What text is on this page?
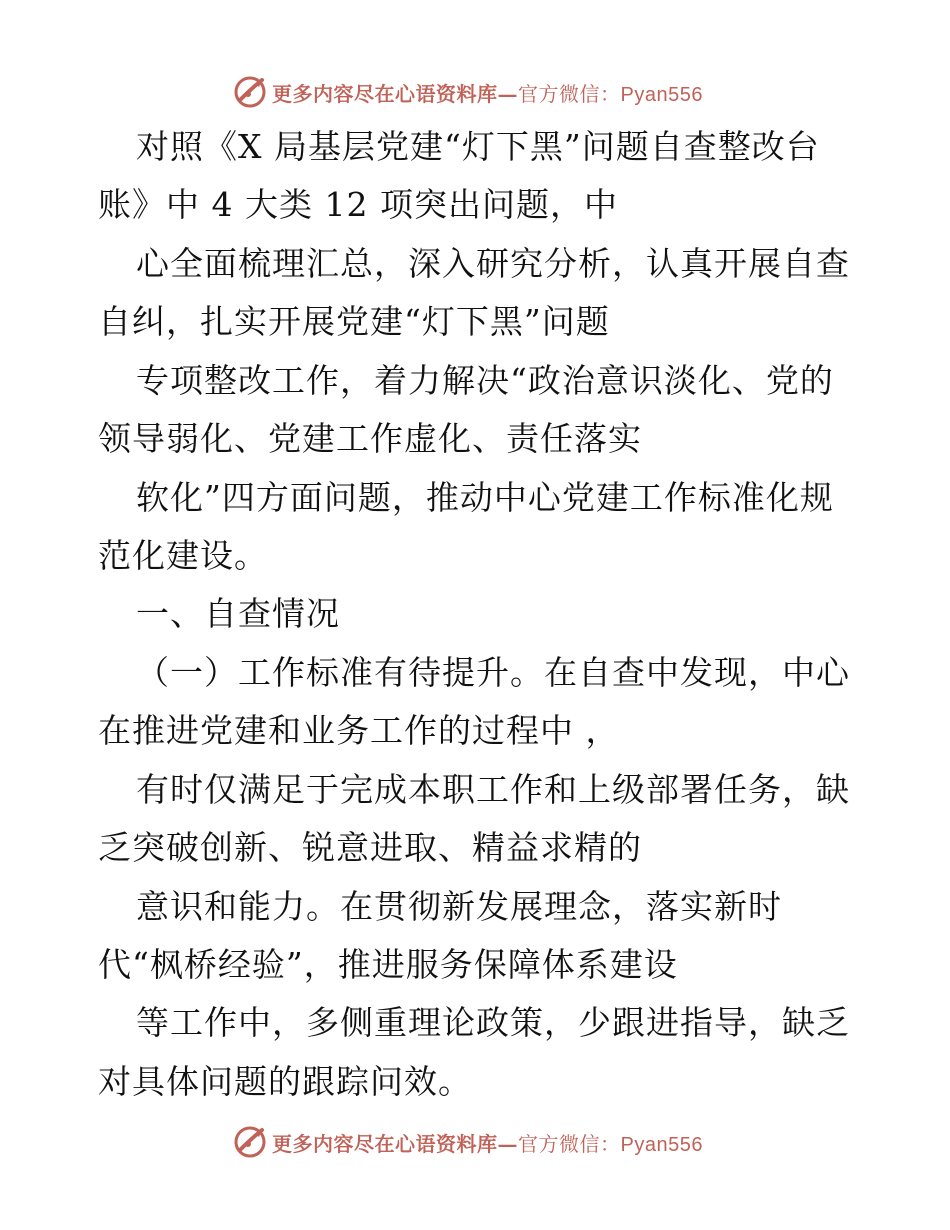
更多内容尽在心语资料库—官方微信：Pyan556
对照《X 局基层党建“灯下黑”问题自查整改台
账》中 4 大类 12 项突出问题，中
心全面梳理汇总，深入研究分析，认真开展自查
自纠，扎实开展党建“灯下黑”问题
专项整改工作，着力解决“政治意识淡化、党的
领导弱化、党建工作虚化、责任落实
软化”四方面问题，推动中心党建工作标准化规
范化建设。
一、自查情况
（一）工作标准有待提升。在自查中发现，中心
在推进党建和业务工作的过程中 ，
有时仅满足于完成本职工作和上级部署任务，缺
乏突破创新、锐意进取、精益求精的
意识和能力。在贯彻新发展理念，落实新时
代“枫桥经验”，推进服务保障体系建设
等工作中，多侧重理论政策，少跟进指导，缺乏
对具体问题的跟踪问效。
更多内容尽在心语资料库—官方微信：Pyan556
